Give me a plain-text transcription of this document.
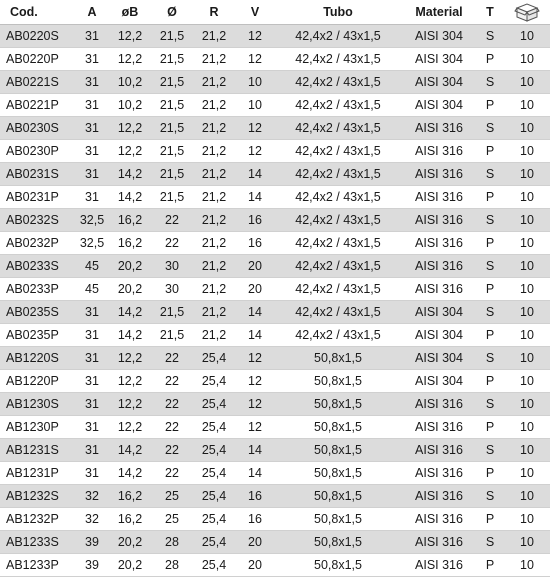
Cod.	A	øB	Ø	R	V	Tubo	Material	T	
AB0220S	31	12,2	21,5	21,2	12	42,4x2 / 43x1,5	AISI 304	S	10
AB0220P	31	12,2	21,5	21,2	12	42,4x2 / 43x1,5	AISI 304	P	10
AB0221S	31	10,2	21,5	21,2	10	42,4x2 / 43x1,5	AISI 304	S	10
AB0221P	31	10,2	21,5	21,2	10	42,4x2 / 43x1,5	AISI 304	P	10
AB0230S	31	12,2	21,5	21,2	12	42,4x2 / 43x1,5	AISI 316	S	10
AB0230P	31	12,2	21,5	21,2	12	42,4x2 / 43x1,5	AISI 316	P	10
AB0231S	31	14,2	21,5	21,2	14	42,4x2 / 43x1,5	AISI 316	S	10
AB0231P	31	14,2	21,5	21,2	14	42,4x2 / 43x1,5	AISI 316	P	10
AB0232S	32,5	16,2	22	21,2	16	42,4x2 / 43x1,5	AISI 316	S	10
AB0232P	32,5	16,2	22	21,2	16	42,4x2 / 43x1,5	AISI 316	P	10
AB0233S	45	20,2	30	21,2	20	42,4x2 / 43x1,5	AISI 316	S	10
AB0233P	45	20,2	30	21,2	20	42,4x2 / 43x1,5	AISI 316	P	10
AB0235S	31	14,2	21,5	21,2	14	42,4x2 / 43x1,5	AISI 304	S	10
AB0235P	31	14,2	21,5	21,2	14	42,4x2 / 43x1,5	AISI 304	P	10
AB1220S	31	12,2	22	25,4	12	50,8x1,5	AISI 304	S	10
AB1220P	31	12,2	22	25,4	12	50,8x1,5	AISI 304	P	10
AB1230S	31	12,2	22	25,4	12	50,8x1,5	AISI 316	S	10
AB1230P	31	12,2	22	25,4	12	50,8x1,5	AISI 316	P	10
AB1231S	31	14,2	22	25,4	14	50,8x1,5	AISI 316	S	10
AB1231P	31	14,2	22	25,4	14	50,8x1,5	AISI 316	P	10
AB1232S	32	16,2	25	25,4	16	50,8x1,5	AISI 316	S	10
AB1232P	32	16,2	25	25,4	16	50,8x1,5	AISI 316	P	10
AB1233S	39	20,2	28	25,4	20	50,8x1,5	AISI 316	S	10
AB1233P	39	20,2	28	25,4	20	50,8x1,5	AISI 316	P	10
